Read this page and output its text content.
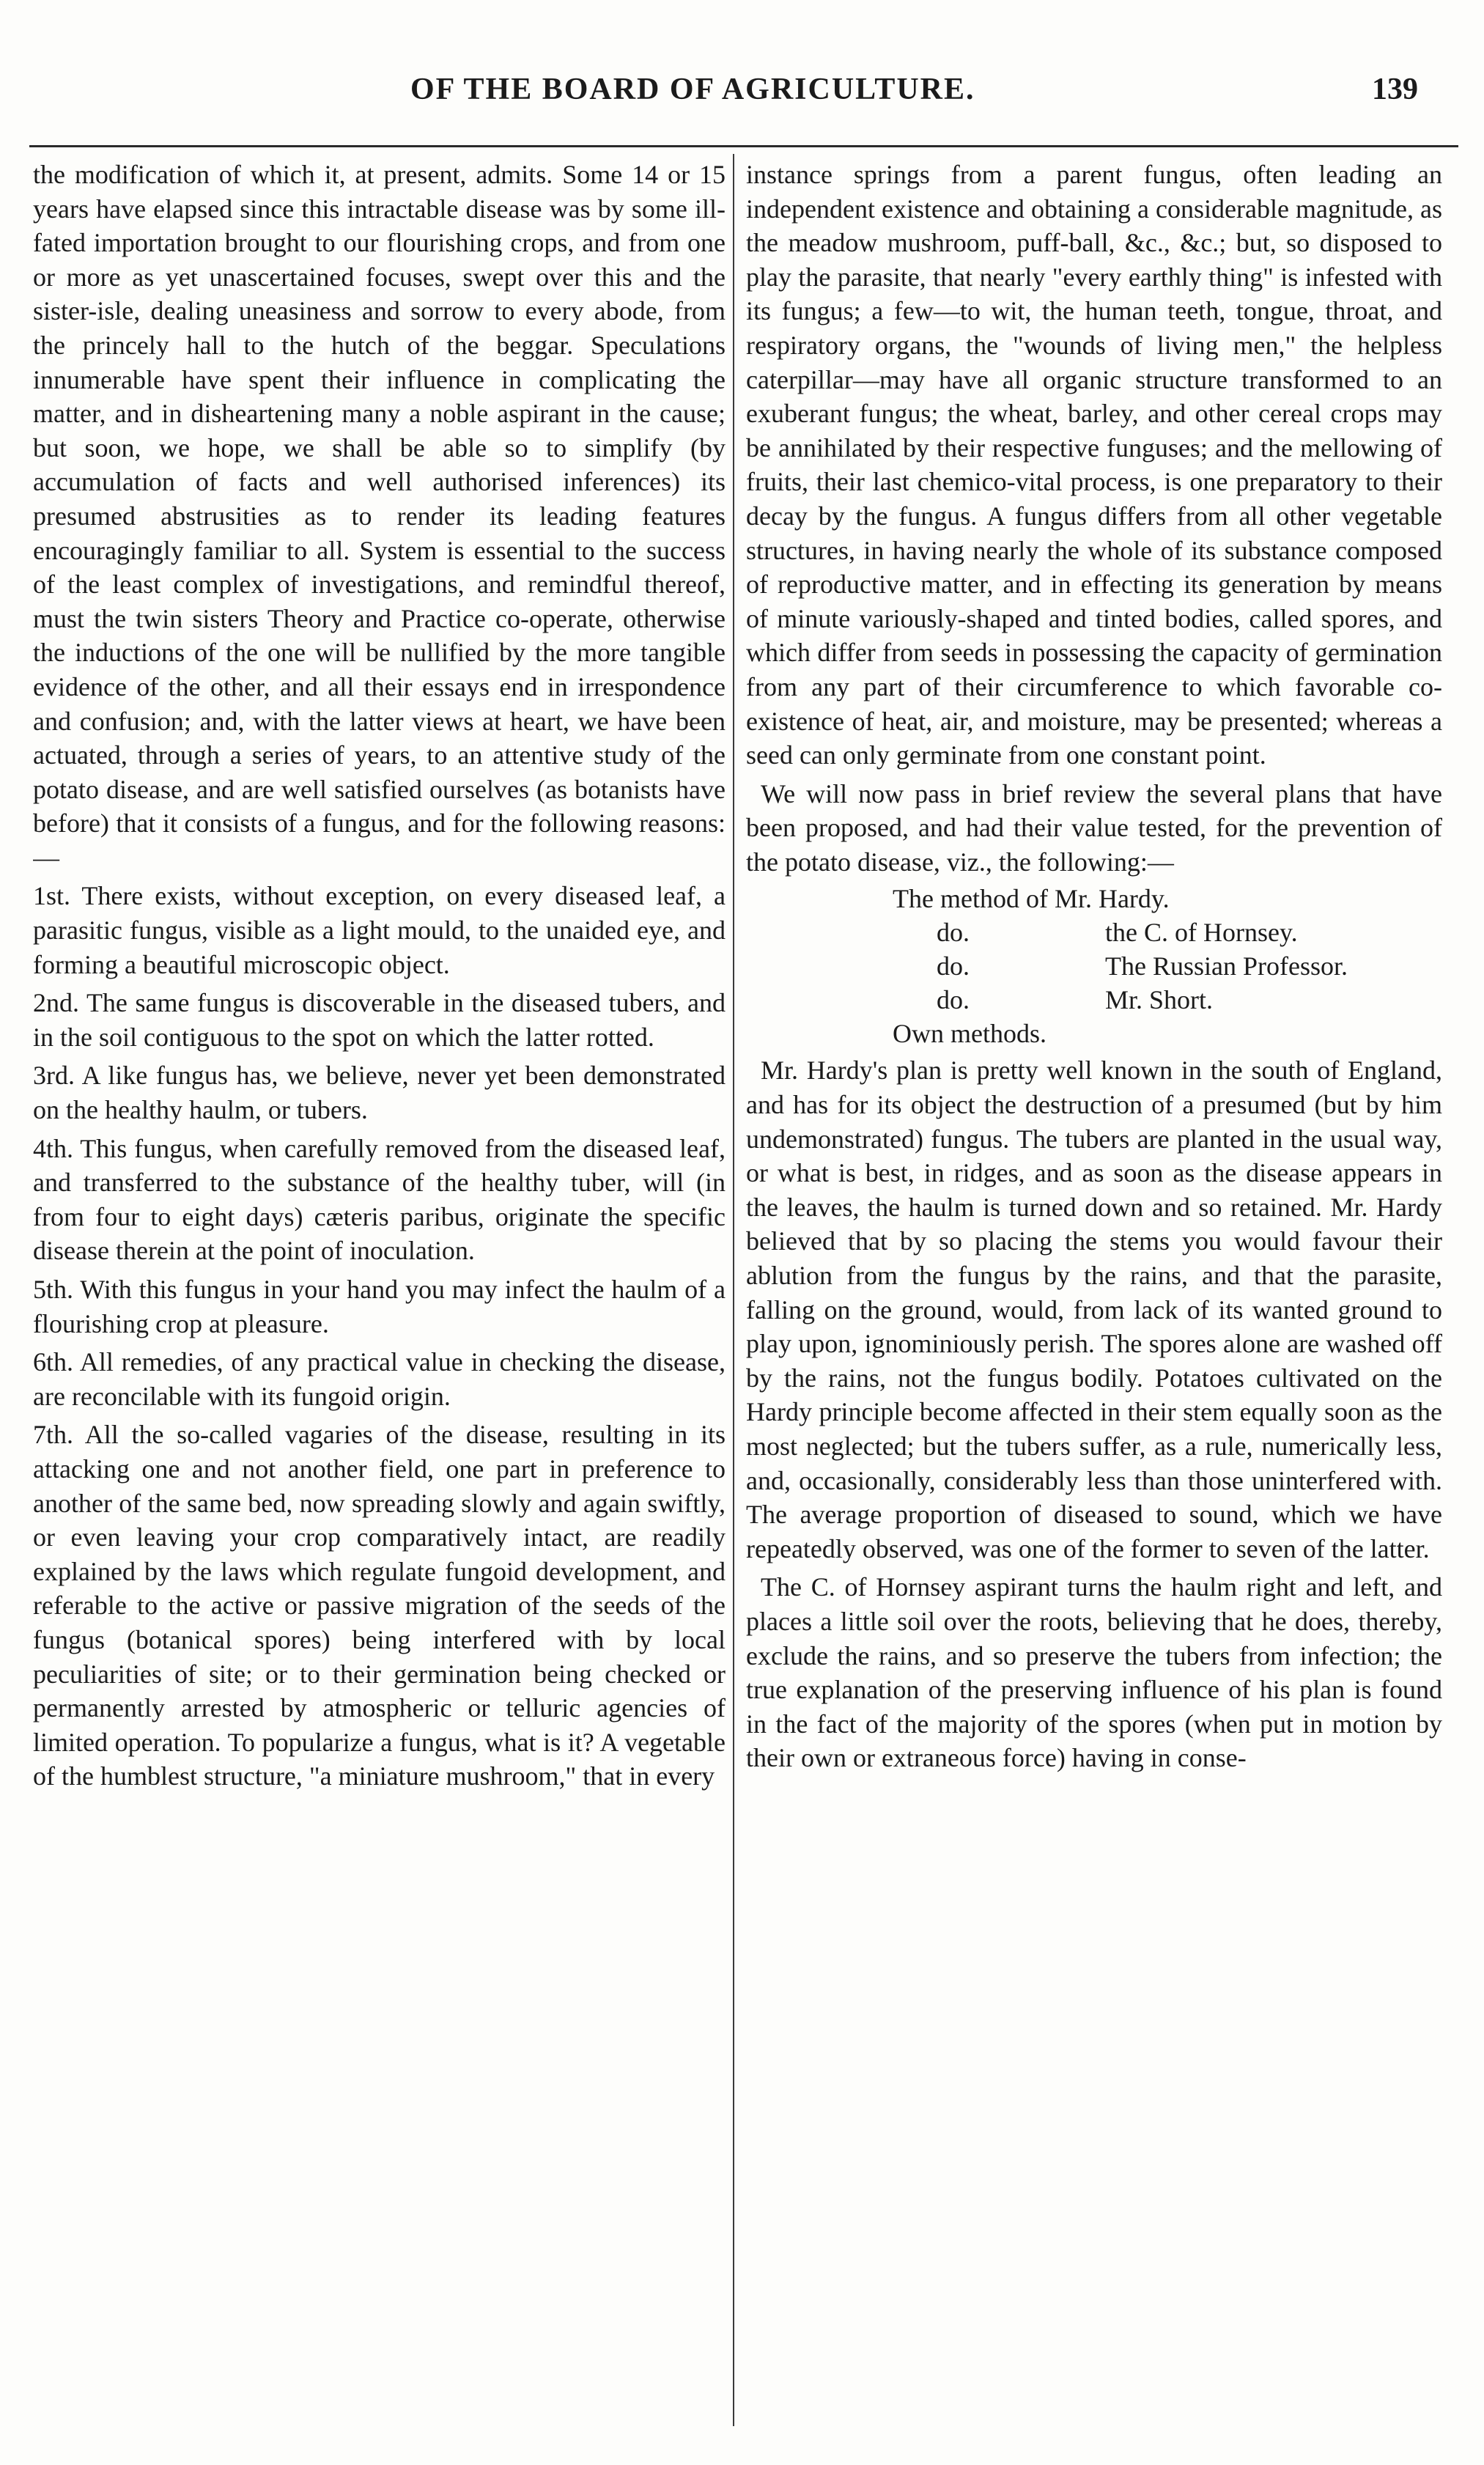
OF THE BOARD OF AGRICULTURE.	139

the modification of which it, at present, admits. Some 14 or 15 years have elapsed since this intractable disease was by some ill-fated importation brought to our flourishing crops, and from one or more as yet unascertained focuses, swept over this and the sister-isle, dealing uneasiness and sorrow to every abode, from the princely hall to the hutch of the beggar. Speculations innumerable have spent their influence in complicating the matter, and in disheartening many a noble aspirant in the cause; but soon, we hope, we shall be able so to simplify (by accumulation of facts and well authorised inferences) its presumed abstrusities as to render its leading features encouragingly familiar to all. System is essential to the success of the least complex of investigations, and remindful thereof, must the twin sisters Theory and Practice co-operate, otherwise the inductions of the one will be nullified by the more tangible evidence of the other, and all their essays end in irrespondence and confusion; and, with the latter views at heart, we have been actuated, through a series of years, to an attentive study of the potato disease, and are well satisfied ourselves (as botanists have before) that it consists of a fungus, and for the following reasons:—

1st. There exists, without exception, on every diseased leaf, a parasitic fungus, visible as a light mould, to the unaided eye, and forming a beautiful microscopic object.

2nd. The same fungus is discoverable in the diseased tubers, and in the soil contiguous to the spot on which the latter rotted.

3rd. A like fungus has, we believe, never yet been demonstrated on the healthy haulm, or tubers.

4th. This fungus, when carefully removed from the diseased leaf, and transferred to the substance of the healthy tuber, will (in from four to eight days) cæteris paribus, originate the specific disease therein at the point of inoculation.

5th. With this fungus in your hand you may infect the haulm of a flourishing crop at pleasure.

6th. All remedies, of any practical value in checking the disease, are reconcilable with its fungoid origin.

7th. All the so-called vagaries of the disease, resulting in its attacking one and not another field, one part in preference to another of the same bed, now spreading slowly and again swiftly, or even leaving your crop comparatively intact, are readily explained by the laws which regulate fungoid development, and referable to the active or passive migration of the seeds of the fungus (botanical spores) being interfered with by local peculiarities of site; or to their germination being checked or permanently arrested by atmospheric or telluric agencies of limited operation. To popularize a fungus, what is it? A vegetable of the humblest structure, "a miniature mushroom," that in every

instance springs from a parent fungus, often leading an independent existence and obtaining a considerable magnitude, as the meadow mushroom, puff-ball, &c., &c.; but, so disposed to play the parasite, that nearly "every earthly thing" is infested with its fungus; a few—to wit, the human teeth, tongue, throat, and respiratory organs, the "wounds of living men," the helpless caterpillar—may have all organic structure transformed to an exuberant fungus; the wheat, barley, and other cereal crops may be annihilated by their respective funguses; and the mellowing of fruits, their last chemico-vital process, is one preparatory to their decay by the fungus. A fungus differs from all other vegetable structures, in having nearly the whole of its substance composed of reproductive matter, and in effecting its generation by means of minute variously-shaped and tinted bodies, called spores, and which differ from seeds in possessing the capacity of germination from any part of their circumference to which favorable co-existence of heat, air, and moisture, may be presented; whereas a seed can only germinate from one constant point.

We will now pass in brief review the several plans that have been proposed, and had their value tested, for the prevention of the potato disease, viz., the following:—

The method of Mr. Hardy.
do.	the C. of Hornsey.
do.	The Russian Professor.
do.	Mr. Short.
Own methods.

Mr. Hardy's plan is pretty well known in the south of England, and has for its object the destruction of a presumed (but by him undemonstrated) fungus. The tubers are planted in the usual way, or what is best, in ridges, and as soon as the disease appears in the leaves, the haulm is turned down and so retained. Mr. Hardy believed that by so placing the stems you would favour their ablution from the fungus by the rains, and that the parasite, falling on the ground, would, from lack of its wanted ground to play upon, ignominiously perish. The spores alone are washed off by the rains, not the fungus bodily. Potatoes cultivated on the Hardy principle become affected in their stem equally soon as the most neglected; but the tubers suffer, as a rule, numerically less, and, occasionally, considerably less than those uninterfered with. The average proportion of diseased to sound, which we have repeatedly observed, was one of the former to seven of the latter.

The C. of Hornsey aspirant turns the haulm right and left, and places a little soil over the roots, believing that he does, thereby, exclude the rains, and so preserve the tubers from infection; the true explanation of the preserving influence of his plan is found in the fact of the majority of the spores (when put in motion by their own or extraneous force) having in conse-
